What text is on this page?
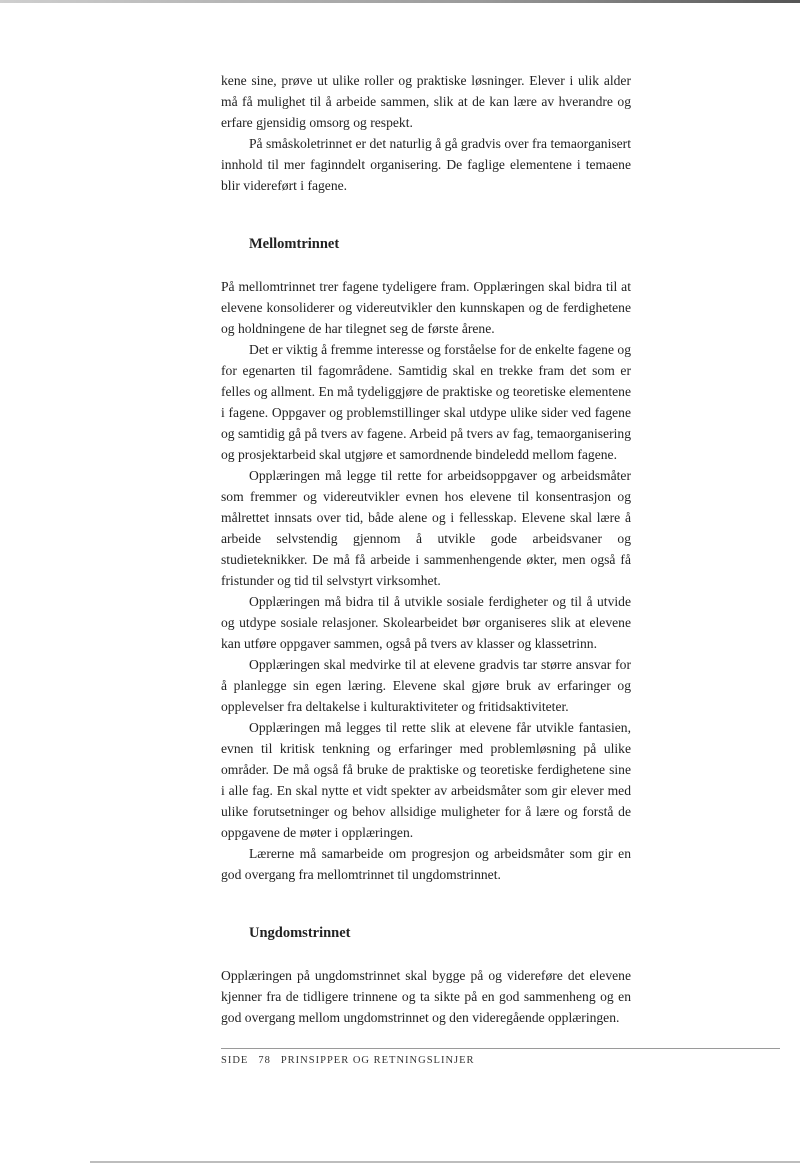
kene sine, prøve ut ulike roller og praktiske løsninger. Elever i ulik alder må få mulighet til å arbeide sammen, slik at de kan lære av hverandre og erfare gjensidig omsorg og respekt.

På småskoletrinnet er det naturlig å gå gradvis over fra temaorganisert innhold til mer faginndelt organisering. De faglige elementene i temaene blir videreført i fagene.

Mellomtrinnet

På mellomtrinnet trer fagene tydeligere fram. Opplæringen skal bidra til at elevene konsoliderer og videreutvikler den kunnskapen og de ferdighetene og holdningene de har tilegnet seg de første årene.

Det er viktig å fremme interesse og forståelse for de enkelte fagene og for egenarten til fagområdene. Samtidig skal en trekke fram det som er felles og allment. En må tydeliggjøre de praktiske og teoretiske elementene i fagene. Oppgaver og problemstillinger skal utdype ulike sider ved fagene og samtidig gå på tvers av fagene. Arbeid på tvers av fag, temaorganisering og prosjektarbeid skal utgjøre et samordnende bindeledd mellom fagene.

Opplæringen må legge til rette for arbeidsoppgaver og arbeidsmåter som fremmer og videreutvikler evnen hos elevene til konsentrasjon og målrettet innsats over tid, både alene og i fellesskap. Elevene skal lære å arbeide selvstendig gjennom å utvikle gode arbeidsvaner og studieteknikker. De må få arbeide i sammenhengende økter, men også få fristunder og tid til selvstyrt virksomhet.

Opplæringen må bidra til å utvikle sosiale ferdigheter og til å utvide og utdype sosiale relasjoner. Skolearbeidet bør organiseres slik at elevene kan utføre oppgaver sammen, også på tvers av klasser og klassetrinn.

Opplæringen skal medvirke til at elevene gradvis tar større ansvar for å planlegge sin egen læring. Elevene skal gjøre bruk av erfaringer og opplevelser fra deltakelse i kulturaktiviteter og fritidsaktiviteter.

Opplæringen må legges til rette slik at elevene får utvikle fantasien, evnen til kritisk tenkning og erfaringer med problemløsning på ulike områder. De må også få bruke de praktiske og teoretiske ferdighetene sine i alle fag. En skal nytte et vidt spekter av arbeidsmåter som gir elever med ulike forutsetninger og behov allsidige muligheter for å lære og forstå de oppgavene de møter i opplæringen.

Lærerne må samarbeide om progresjon og arbeidsmåter som gir en god overgang fra mellomtrinnet til ungdomstrinnet.

Ungdomstrinnet

Opplæringen på ungdomstrinnet skal bygge på og videreføre det elevene kjenner fra de tidligere trinnene og ta sikte på en god sammenheng og en god overgang mellom ungdomstrinnet og den videregående opplæringen.

SIDE 78 PRINSIPPER OG RETNINGSLINJER
